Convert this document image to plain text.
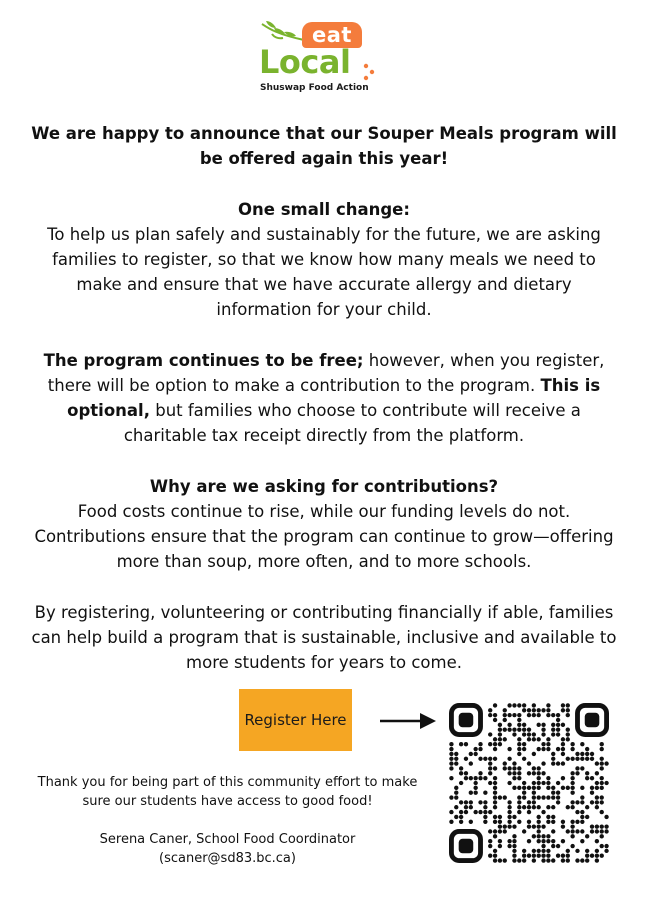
eat
Local
Shuswap Food Action

We are happy to announce that our Souper Meals program will be offered again this year!

One small change:

To help us plan safely and sustainably for the future, we are asking families to register, so that we know how many meals we need to make and ensure that we have accurate allergy and dietary information for your child.

The program continues to be free; however, when you register, there will be option to make a contribution to the program. This is optional, but families who choose to contribute will receive a charitable tax receipt directly from the platform.

Why are we asking for contributions?

Food costs continue to rise, while our funding levels do not. Contributions ensure that the program can continue to grow—offering more than soup, more often, and to more schools.

By registering, volunteering or contributing financially if able, families can help build a program that is sustainable, inclusive and available to more students for years to come.

Register Here

Thank you for being part of this community effort to make sure our students have access to good food!

Serena Caner, School Food Coordinator

(scaner@sd83.bc.ca)
